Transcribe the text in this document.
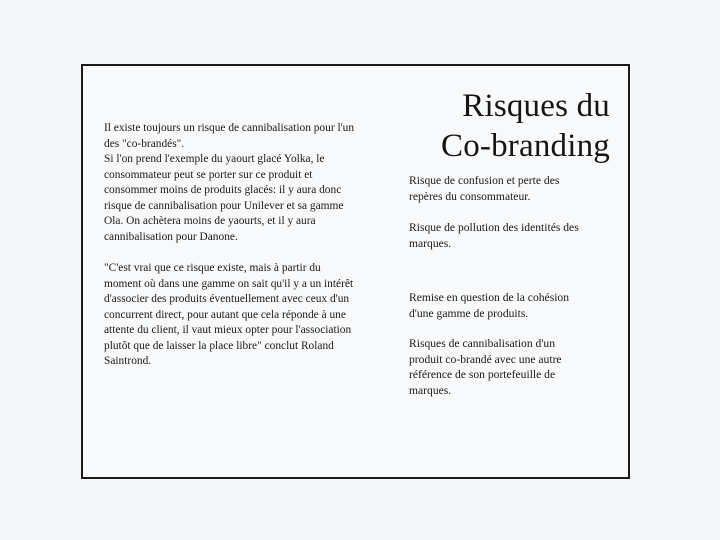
Risques du
Co-branding

Il existe toujours un risque de cannibalisation pour l'un
des "co-brandés".
Si l'on prend l'exemple du yaourt glacé Yolka, le
consommateur peut se porter sur ce produit et
consommer moins de produits glacés: il y aura donc
risque de cannibalisation pour Unilever et sa gamme
Ola. On achètera moins de yaourts, et il y aura
cannibalisation pour Danone.

"C'est vrai que ce risque existe, mais à partir du
moment où dans une gamme on sait qu'il y a un intérêt
d'associer des produits éventuellement avec ceux d'un
concurrent direct, pour autant que cela réponde à une
attente du client, il vaut mieux opter pour l'association
plutôt que de laisser la place libre" conclut Roland
Saintrond.

Risque de confusion et perte des
repères du consommateur.

Risque de pollution des identités des
marques.

Remise en question de la cohésion
d'une gamme de produits.

Risques de cannibalisation d'un
produit co-brandé avec une autre
référence de son portefeuille de
marques.
